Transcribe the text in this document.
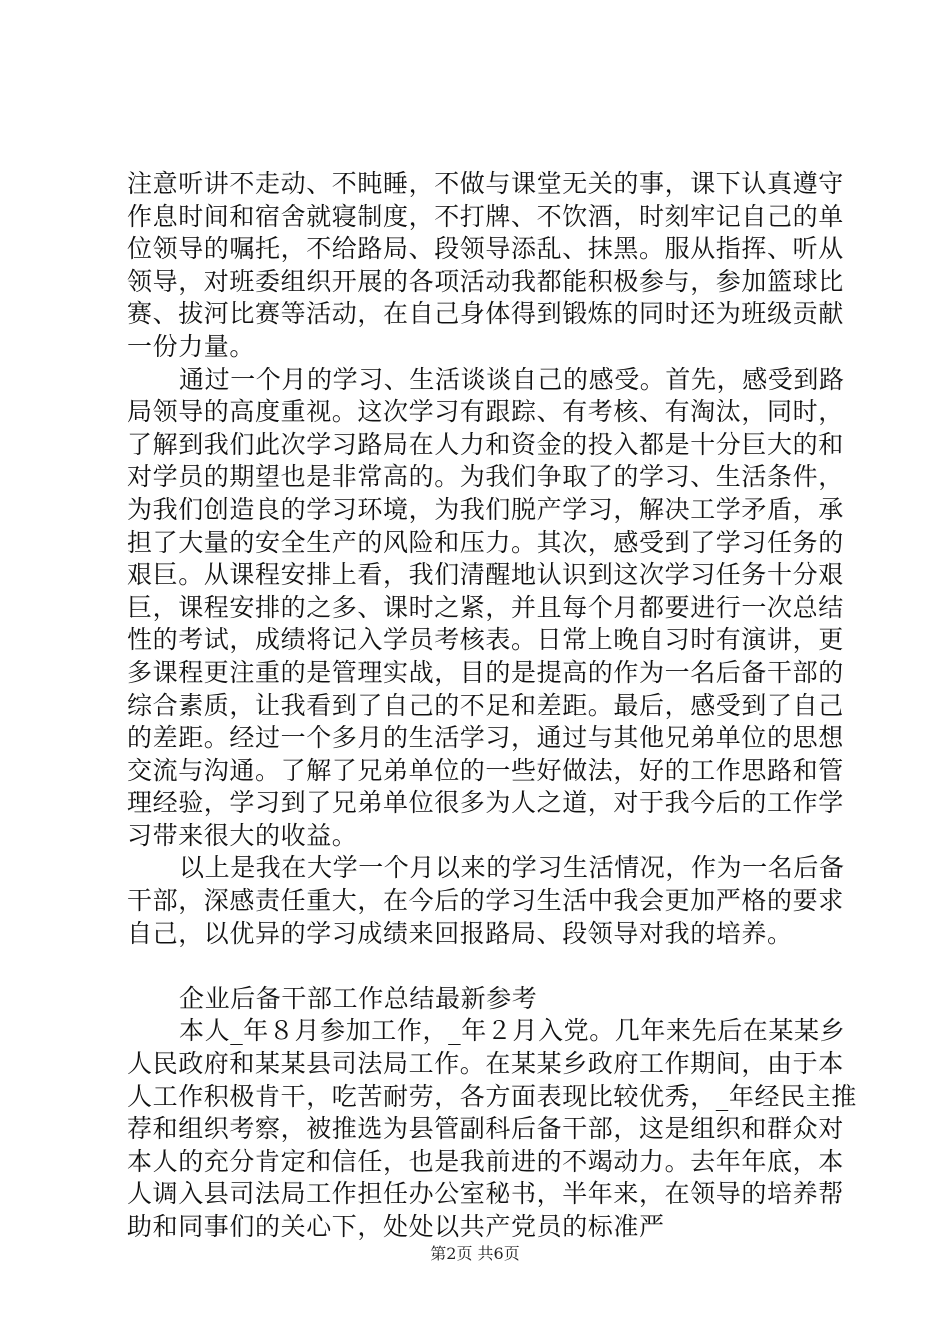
注意听讲不走动、不盹睡，不做与课堂无关的事，课下认真遵守作息时间和宿舍就寝制度，不打牌、不饮酒，时刻牢记自己的单位领导的嘱托，不给路局、段领导添乱、抹黑。服从指挥、听从领导，对班委组织开展的各项活动我都能积极参与，参加篮球比赛、拔河比赛等活动，在自己身体得到锻炼的同时还为班级贡献一份力量。

通过一个月的学习、生活谈谈自己的感受。首先，感受到路局领导的高度重视。这次学习有跟踪、有考核、有淘汰，同时，了解到我们此次学习路局在人力和资金的投入都是十分巨大的和对学员的期望也是非常高的。为我们争取了的学习、生活条件，为我们创造良的学习环境，为我们脱产学习，解决工学矛盾，承担了大量的安全生产的风险和压力。其次，感受到了学习任务的艰巨。从课程安排上看，我们清醒地认识到这次学习任务十分艰巨，课程安排的之多、课时之紧，并且每个月都要进行一次总结性的考试，成绩将记入学员考核表。日常上晚自习时有演讲，更多课程更注重的是管理实战，目的是提高的作为一名后备干部的综合素质，让我看到了自己的不足和差距。最后，感受到了自己的差距。经过一个多月的生活学习，通过与其他兄弟单位的思想交流与沟通。了解了兄弟单位的一些好做法，好的工作思路和管理经验，学习到了兄弟单位很多为人之道，对于我今后的工作学习带来很大的收益。

以上是我在大学一个月以来的学习生活情况，作为一名后备干部，深感责任重大，在今后的学习生活中我会更加严格的要求自己，以优异的学习成绩来回报路局、段领导对我的培养。

企业后备干部工作总结最新参考

本人_年８月参加工作，_年２月入党。几年来先后在某某乡人民政府和某某县司法局工作。在某某乡政府工作期间，由于本人工作积极肯干，吃苦耐劳，各方面表现比较优秀，_年经民主推荐和组织考察，被推选为县管副科后备干部，这是组织和群众对本人的充分肯定和信任，也是我前进的不竭动力。去年年底，本人调入县司法局工作担任办公室秘书，半年来，在领导的培养帮助和同事们的关心下，处处以共产党员的标准严

第2页 共6页
